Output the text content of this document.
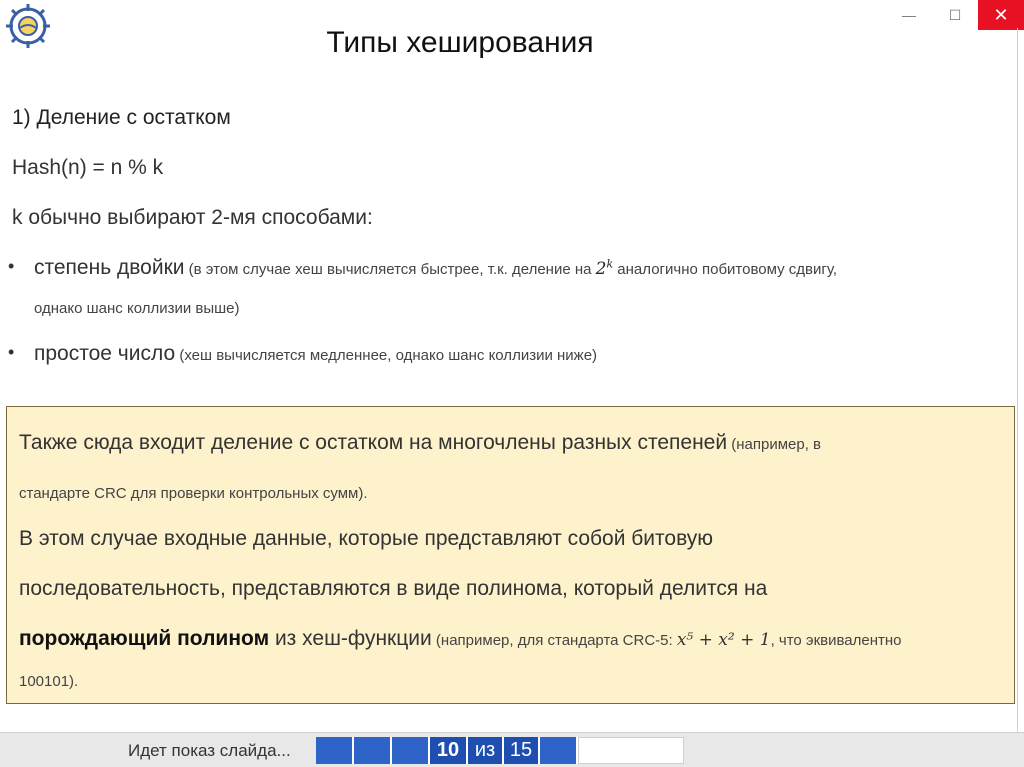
— ☐ ✕
Типы хеширования
1) Деление с остатком
Hash(n) = n % k
k обычно выбирают 2-мя способами:
• степень двойки (в этом случае хеш вычисляется быстрее, т.к. деление на 2$^k$ аналогично побитовому сдвигу,
однако шанс коллизии выше)
• простое число (хеш вычисляется медленнее, однако шанс коллизии ниже)
Также сюда входит деление с остатком на многочлены разных степеней (например, в
стандарте CRC для проверки контрольных сумм).
В этом случае входные данные, которые представляют собой битовую
последовательность, представляются в виде полинома, который делится на
порождающий полином из хеш-функции (например, для стандарта CRC-5: x⁵ + x² + 1, что эквивалентно
100101).
Идет показ слайда...	10 из 15
